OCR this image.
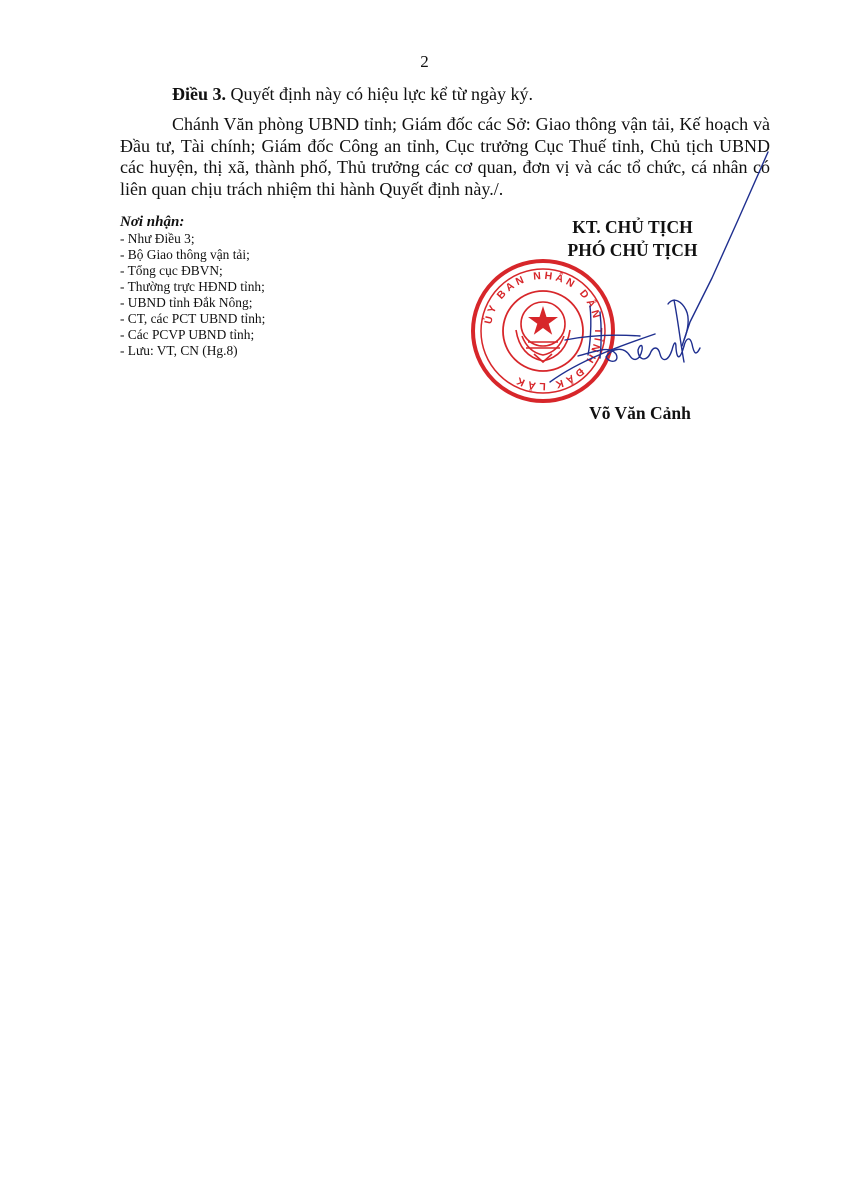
2
Điều 3. Quyết định này có hiệu lực kể từ ngày ký.
Chánh Văn phòng UBND tỉnh; Giám đốc các Sở: Giao thông vận tải, Kế hoạch và Đầu tư, Tài chính; Giám đốc Công an tỉnh, Cục trưởng Cục Thuế tỉnh, Chủ tịch UBND các huyện, thị xã, thành phố, Thủ trưởng các cơ quan, đơn vị và các tổ chức, cá nhân có liên quan chịu trách nhiệm thi hành Quyết định này./.
Nơi nhận:
- Như Điều 3;
- Bộ Giao thông vận tải;
- Tổng cục ĐBVN;
- Thường trực HĐND tỉnh;
- UBND tỉnh Đắk Nông;
- CT, các PCT UBND tỉnh;
- Các PCVP UBND tỉnh;
- Lưu: VT, CN (Hg.8)
KT. CHỦ TỊCH
PHÓ CHỦ TỊCH
ỦY BAN NHÂN DÂN TỈNH ĐẮK LẮK
Võ Văn Cảnh
